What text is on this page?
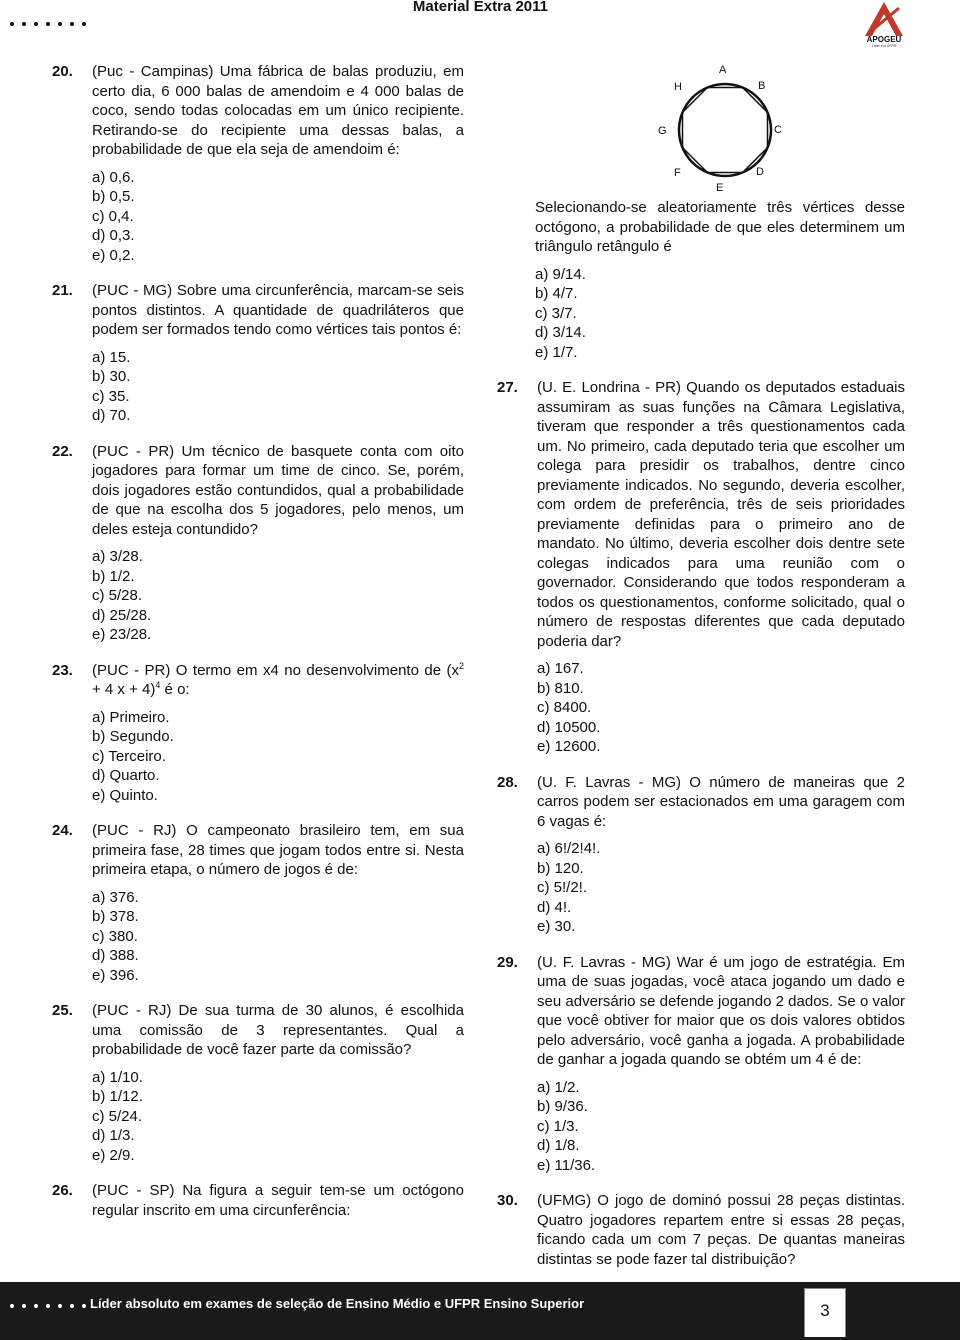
Material Extra 2011
APOGEU
Líder em UFPR
20.	(Puc - Campinas) Uma fábrica de balas produziu, em certo dia, 6 000 balas de amendoim e 4 000 balas de coco, sendo todas colocadas em um único recipiente. Retirando-se do recipiente uma dessas balas, a probabilidade de que ela seja de amendoim é:

a) 0,6.
b) 0,5.
c) 0,4.
d) 0,3.
e) 0,2.
21.	(PUC - MG) Sobre uma circunferência, marcam-se seis pontos distintos. A quantidade de quadriláteros que podem ser formados tendo como vértices tais pontos é:

a) 15.
b) 30.
c) 35.
d) 70.
22.	(PUC - PR) Um técnico de basquete conta com oito jogadores para formar um time de cinco. Se, porém, dois jogadores estão contundidos, qual a probabilidade de que na escolha dos 5 jogadores, pelo menos, um deles esteja contundido?

a) 3/28.
b) 1/2.
c) 5/28.
d) 25/28.
e) 23/28.
23.	(PUC - PR) O termo em x4 no desenvolvimento de ($x^2 + 4$ x + 4)$^4$ é o:

a) Primeiro.
b) Segundo.
c) Terceiro.
d) Quarto.
e) Quinto.
24.	(PUC - RJ) O campeonato brasileiro tem, em sua primeira fase, 28 times que jogam todos entre si. Nesta primeira etapa, o número de jogos é de:

a) 376.
b) 378.
c) 380.
d) 388.
e) 396.
25.	(PUC - RJ) De sua turma de 30 alunos, é escolhida uma comissão de 3 representantes. Qual a probabilidade de você fazer parte da comissão?

a) 1/10.
b) 1/12.
c) 5/24.
d) 1/3.
e) 2/9.
26.	(PUC - SP) Na figura a seguir tem-se um octógono regular inscrito em uma circunferência:

A
B
C
D
E
F
G
H

Selecionando-se aleatoriamente três vértices desse octógono, a probabilidade de que eles determinem um triângulo retângulo é

a) 9/14.
b) 4/7.
c) 3/7.
d) 3/14.
e) 1/7.
27.	(U. E. Londrina - PR) Quando os deputados estaduais assumiram as suas funções na Câmara Legislativa, tiveram que responder a três questionamentos cada um. No primeiro, cada deputado teria que escolher um colega para presidir os trabalhos, dentre cinco previamente indicados. No segundo, deveria escolher, com ordem de preferência, três de seis prioridades previamente definidas para o primeiro ano de mandato. No último, deveria escolher dois dentre sete colegas indicados para uma reunião com o governador. Considerando que todos responderam a todos os questionamentos, conforme solicitado, qual o número de respostas diferentes que cada deputado poderia dar?

a) 167.
b) 810.
c) 8400.
d) 10500.
e) 12600.
28.	(U. F. Lavras - MG) O número de maneiras que 2 carros podem ser estacionados em uma garagem com 6 vagas é:

a) 6!/2!4!.
b) 120.
c) 5!/2!.
d) 4!.
e) 30.
29.	(U. F. Lavras - MG) War é um jogo de estratégia. Em uma de suas jogadas, você ataca jogando um dado e seu adversário se defende jogando 2 dados. Se o valor que você obtiver for maior que os dois valores obtidos pelo adversário, você ganha a jogada. A probabilidade de ganhar a jogada quando se obtém um 4 é de:

a) 1/2.
b) 9/36.
c) 1/3.
d) 1/8.
e) 11/36.
30.	(UFMG) O jogo de dominó possui 28 peças distintas. Quatro jogadores repartem entre si essas 28 peças, ficando cada um com 7 peças. De quantas maneiras distintas se pode fazer tal distribuição?

Líder absoluto em exames de seleção de Ensino Médio e UFPR Ensino Superior	3
